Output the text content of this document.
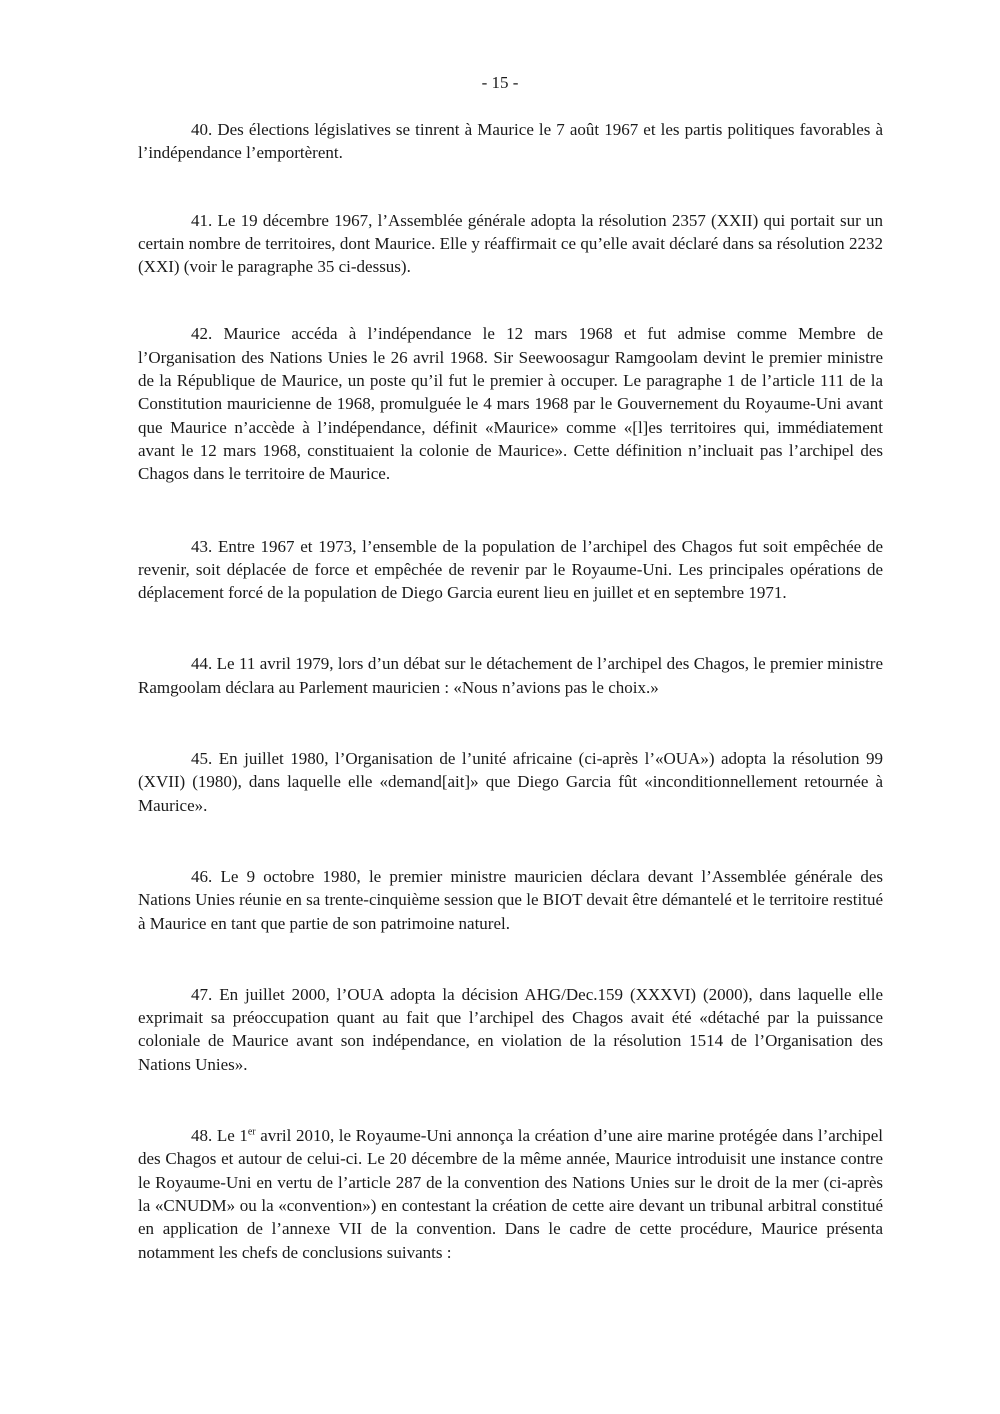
- 15 -

40. Des élections législatives se tinrent à Maurice le 7 août 1967 et les partis politiques favorables à l’indépendance l’emportèrent.

41. Le 19 décembre 1967, l’Assemblée générale adopta la résolution 2357 (XXII) qui portait sur un certain nombre de territoires, dont Maurice. Elle y réaffirmait ce qu’elle avait déclaré dans sa résolution 2232 (XXI) (voir le paragraphe 35 ci-dessus).

42. Maurice accéda à l’indépendance le 12 mars 1968 et fut admise comme Membre de l’Organisation des Nations Unies le 26 avril 1968. Sir Seewoosagur Ramgoolam devint le premier ministre de la République de Maurice, un poste qu’il fut le premier à occuper. Le paragraphe 1 de l’article 111 de la Constitution mauricienne de 1968, promulguée le 4 mars 1968 par le Gouvernement du Royaume-Uni avant que Maurice n’accède à l’indépendance, définit «Maurice» comme «[l]es territoires qui, immédiatement avant le 12 mars 1968, constituaient la colonie de Maurice». Cette définition n’incluait pas l’archipel des Chagos dans le territoire de Maurice.

43. Entre 1967 et 1973, l’ensemble de la population de l’archipel des Chagos fut soit empêchée de revenir, soit déplacée de force et empêchée de revenir par le Royaume-Uni. Les principales opérations de déplacement forcé de la population de Diego Garcia eurent lieu en juillet et en septembre 1971.

44. Le 11 avril 1979, lors d’un débat sur le détachement de l’archipel des Chagos, le premier ministre Ramgoolam déclara au Parlement mauricien : «Nous n’avions pas le choix.»

45. En juillet 1980, l’Organisation de l’unité africaine (ci-après l’«OUA») adopta la résolution 99 (XVII) (1980), dans laquelle elle «demand[ait]» que Diego Garcia fût «inconditionnellement retournée à Maurice».

46. Le 9 octobre 1980, le premier ministre mauricien déclara devant l’Assemblée générale des Nations Unies réunie en sa trente-cinquième session que le BIOT devait être démantelé et le territoire restitué à Maurice en tant que partie de son patrimoine naturel.

47. En juillet 2000, l’OUA adopta la décision AHG/Dec.159 (XXXVI) (2000), dans laquelle elle exprimait sa préoccupation quant au fait que l’archipel des Chagos avait été «détaché par la puissance coloniale de Maurice avant son indépendance, en violation de la résolution 1514 de l’Organisation des Nations Unies».

48. Le 1er avril 2010, le Royaume-Uni annonça la création d’une aire marine protégée dans l’archipel des Chagos et autour de celui-ci. Le 20 décembre de la même année, Maurice introduisit une instance contre le Royaume-Uni en vertu de l’article 287 de la convention des Nations Unies sur le droit de la mer (ci-après la «CNUDM» ou la «convention») en contestant la création de cette aire devant un tribunal arbitral constitué en application de l’annexe VII de la convention. Dans le cadre de cette procédure, Maurice présenta notamment les chefs de conclusions suivants :
